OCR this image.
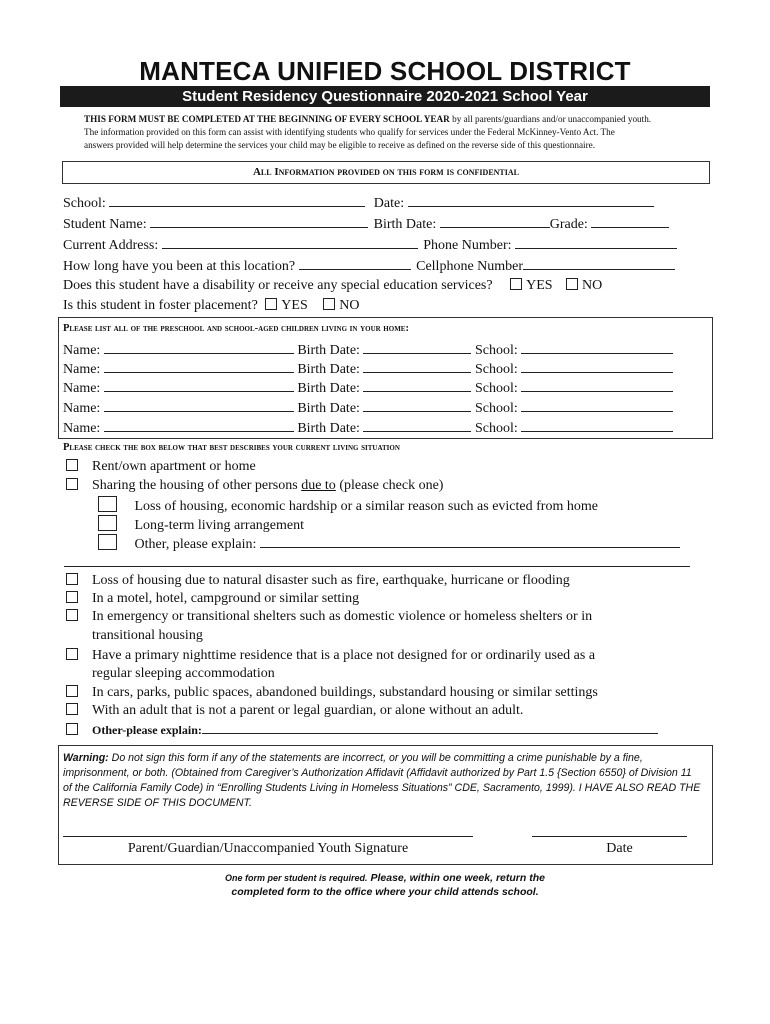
MANTECA UNIFIED SCHOOL DISTRICT
Student Residency Questionnaire 2020-2021 School Year
THIS FORM MUST BE COMPLETED AT THE BEGINNING OF EVERY SCHOOL YEAR by all parents/guardians and/or unaccompanied youth.
The information provided on this form can assist with identifying students who qualify for services under the Federal McKinney-Vento Act. The
answers provided will help determine the services your child may be eligible to receive as defined on the reverse side of this questionnaire.
All Information provided on this form is confidential
School:	Date:
Student Name:	Birth Date:	Grade:
Current Address:	Phone Number:
How long have you been at this location?	Cellphone Number
Does this student have a disability or receive any special education services? YES NO
Is this student in foster placement? YES NO
Please list all of the preschool and school-aged children living in your home:
Name:	Birth Date:	School:
Name:	Birth Date:	School:
Name:	Birth Date:	School:
Name:	Birth Date:	School:
Name:	Birth Date:	School:
Please check the box below that best describes your current living situation
Rent/own apartment or home
Sharing the housing of other persons due to (please check one)
Loss of housing, economic hardship or a similar reason such as evicted from home
Long-term living arrangement
Other, please explain:
Loss of housing due to natural disaster such as fire, earthquake, hurricane or flooding
In a motel, hotel, campground or similar setting
In emergency or transitional shelters such as domestic violence or homeless shelters or in
transitional housing
Have a primary nighttime residence that is a place not designed for or ordinarily used as a
regular sleeping accommodation
In cars, parks, public spaces, abandoned buildings, substandard housing or similar settings
With an adult that is not a parent or legal guardian, or alone without an adult.
Other-please explain:
Warning: Do not sign this form if any of the statements are incorrect, or you will be committing a crime punishable by a fine, imprisonment, or both. (Obtained from Caregiver’s Authorization Affidavit (Affidavit authorized by Part 1.5 {Section 6550} of Division 11 of the California Family Code) in “Enrolling Students Living in Homeless Situations” CDE, Sacramento, 1999). I HAVE ALSO READ THE REVERSE SIDE OF THIS DOCUMENT.
Parent/Guardian/Unaccompanied Youth Signature	Date
One form per student is required. Please, within one week, return the
completed form to the office where your child attends school.
